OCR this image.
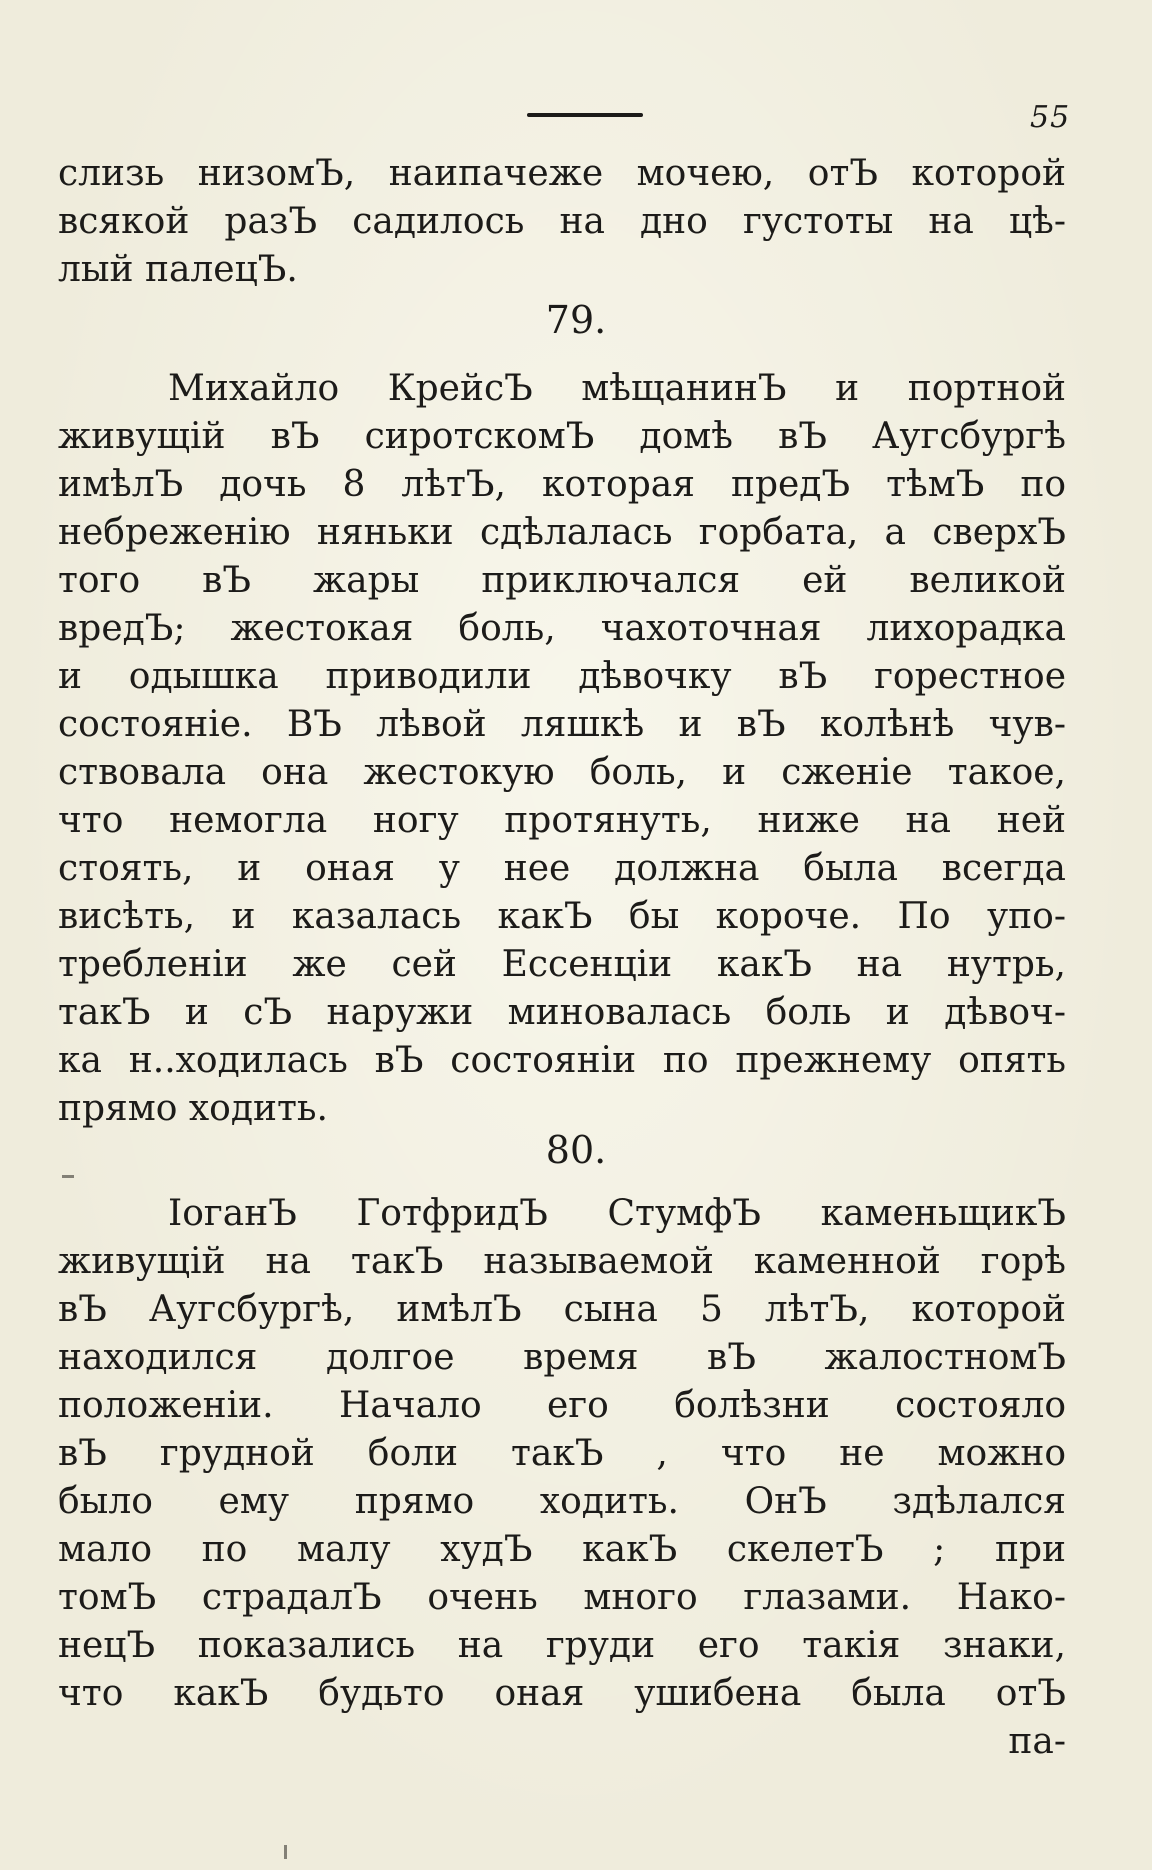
55
слизь низомЪ, наипачеже мочею, отЪ которой
всякой разЪ садилось на дно густоты на цѣ-
лый палецЪ.
79.
Михайло КрейсЪ мѣщанинЪ и портной
живущій вЪ сиротскомЪ домѣ вЪ Аугсбургѣ
имѣлЪ дочь 8 лѣтЪ, которая предЪ тѣмЪ по
небреженію няньки сдѣлалась горбата, а сверхЪ
того вЪ жары приключался ей великой
вредЪ; жестокая боль, чахоточная лихорадка
и одышка приводили дѣвочку вЪ горестное
состояніе. ВЪ лѣвой ляшкѣ и вЪ колѣнѣ чув-
ствовала она жестокую боль, и сженіе такое,
что немогла ногу протянуть, ниже на ней
стоять, и оная у нее должна была всегда
висѣть, и казалась какЪ бы короче. По упо-
требленіи же сей Ессенціи какЪ на нутрь,
такЪ и сЪ наружи миновалась боль и дѣвоч-
ка н..ходилась вЪ состояніи по прежнему опять
прямо ходить.
80.
ІоганЪ ГотфридЪ СтумфЪ каменьщикЪ
живущій на такЪ называемой каменной горѣ
вЪ Аугсбургѣ, имѣлЪ сына 5 лѣтЪ, которой
находился долгое время вЪ жалостномЪ
положеніи. Начало его болѣзни состояло
вЪ грудной боли такЪ , что не можно
было ему прямо ходить. ОнЪ здѣлался
мало по малу худЪ какЪ скелетЪ ; при
томЪ страдалЪ очень много глазами. Нако-
нецЪ показались на груди его такія знаки,
что какЪ будьто оная ушибена была отЪ
па-
